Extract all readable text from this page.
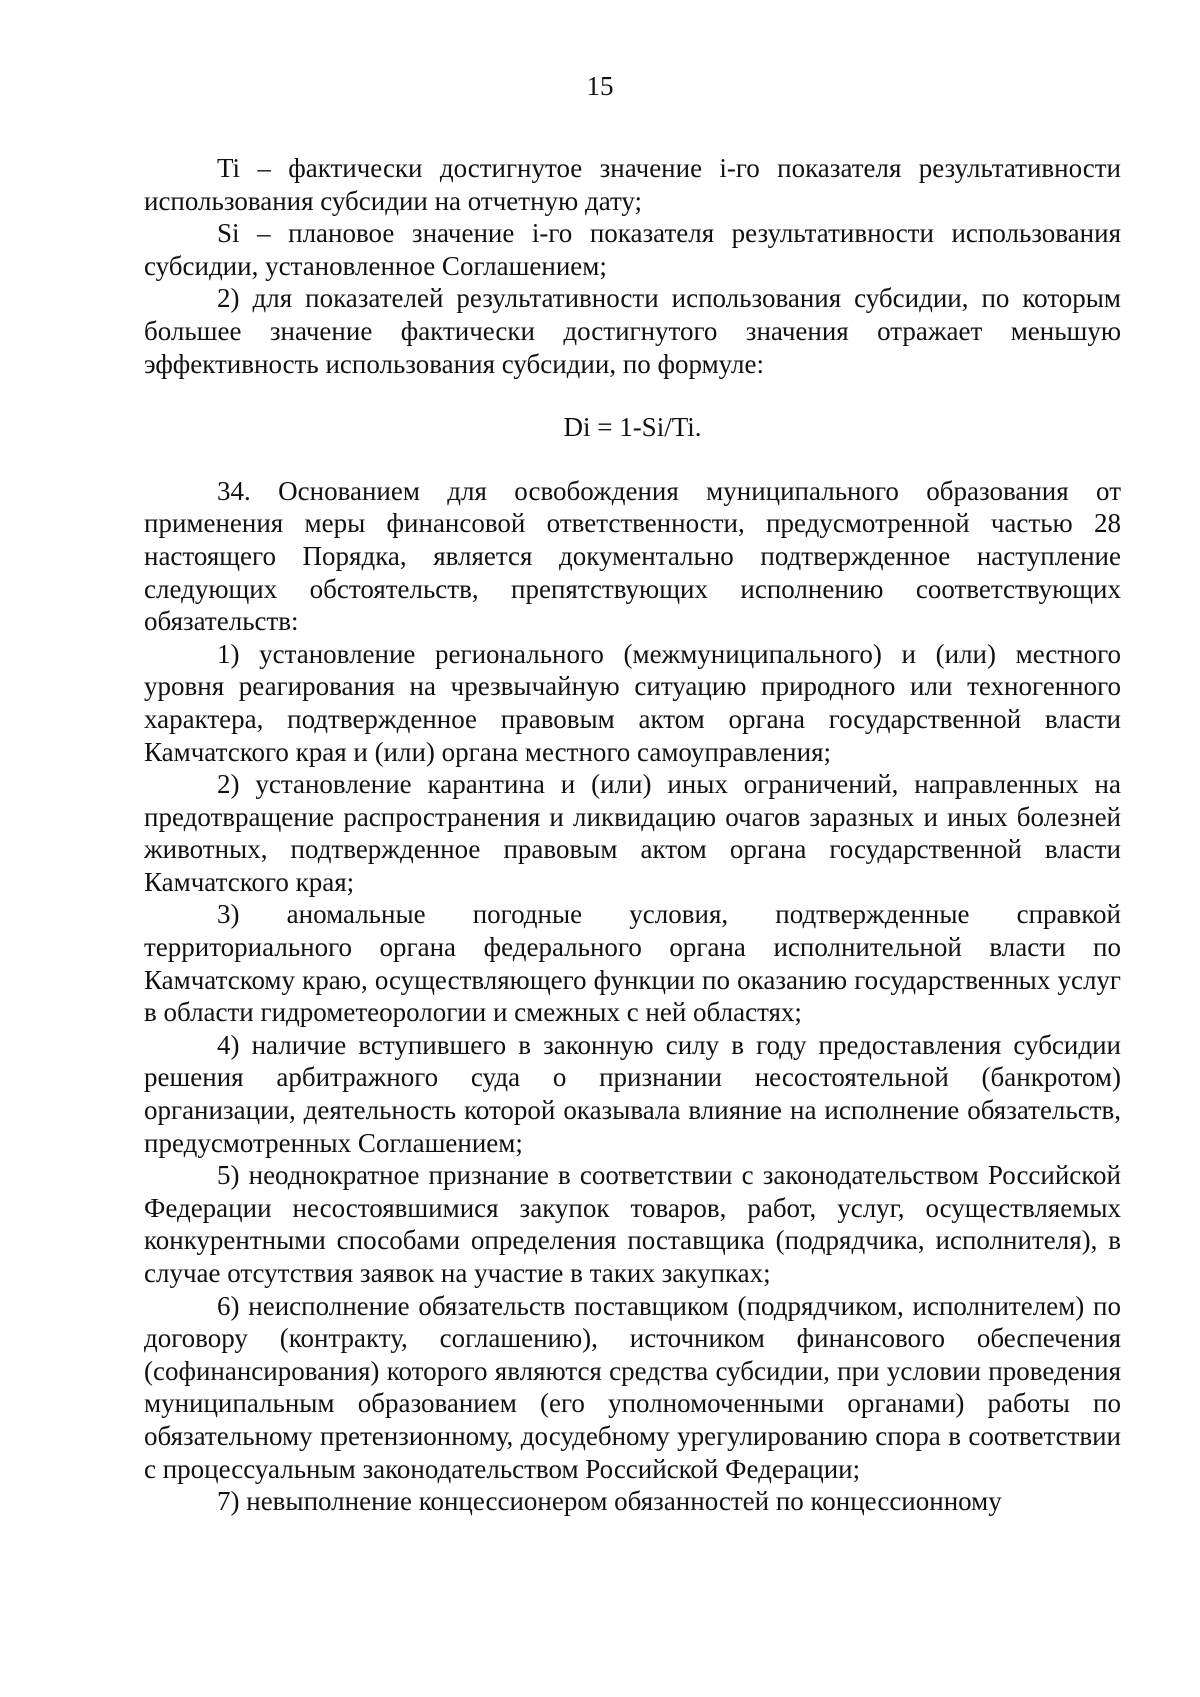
15

Ti – фактически достигнутое значение i-го показателя результативности использования субсидии на отчетную дату;

Si – плановое значение i-го показателя результативности использования субсидии, установленное Соглашением;

2) для показателей результативности использования субсидии, по которым большее значение фактически достигнутого значения отражает меньшую эффективность использования субсидии, по формуле:

Di = 1-Si/Ti.

34. Основанием для освобождения муниципального образования от применения меры финансовой ответственности, предусмотренной частью 28 настоящего Порядка, является документально подтвержденное наступление следующих обстоятельств, препятствующих исполнению соответствующих обязательств:

1) установление регионального (межмуниципального) и (или) местного уровня реагирования на чрезвычайную ситуацию природного или техногенного характера, подтвержденное правовым актом органа государственной власти Камчатского края и (или) органа местного самоуправления;

2) установление карантина и (или) иных ограничений, направленных на предотвращение распространения и ликвидацию очагов заразных и иных болезней животных, подтвержденное правовым актом органа государственной власти Камчатского края;

3) аномальные погодные условия, подтвержденные справкой территориального органа федерального органа исполнительной власти по Камчатскому краю, осуществляющего функции по оказанию государственных услуг в области гидрометеорологии и смежных с ней областях;

4) наличие вступившего в законную силу в году предоставления субсидии решения арбитражного суда о признании несостоятельной (банкротом) организации, деятельность которой оказывала влияние на исполнение обязательств, предусмотренных Соглашением;

5) неоднократное признание в соответствии с законодательством Российской Федерации несостоявшимися закупок товаров, работ, услуг, осуществляемых конкурентными способами определения поставщика (подрядчика, исполнителя), в случае отсутствия заявок на участие в таких закупках;

6) неисполнение обязательств поставщиком (подрядчиком, исполнителем) по договору (контракту, соглашению), источником финансового обеспечения (софинансирования) которого являются средства субсидии, при условии проведения муниципальным образованием (его уполномоченными органами) работы по обязательному претензионному, досудебному урегулированию спора в соответствии с процессуальным законодательством Российской Федерации;

7) невыполнение концессионером обязанностей по концессионному
